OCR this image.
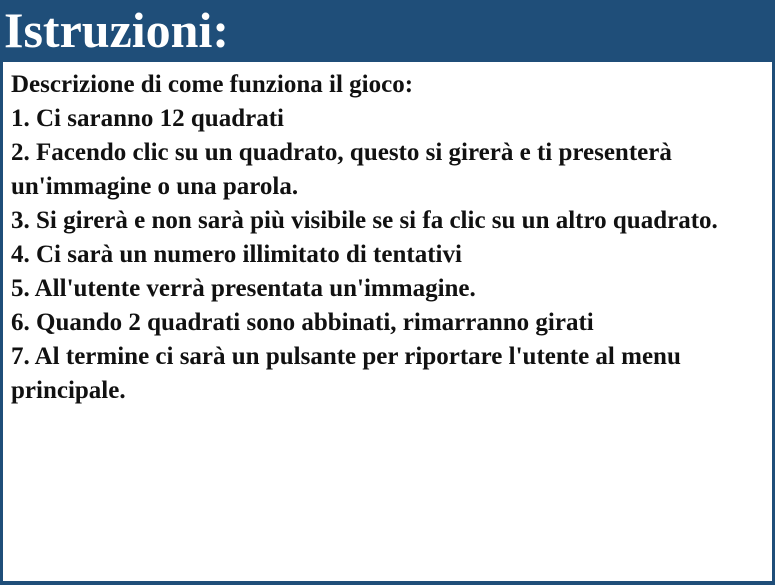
Istruzioni:

Descrizione di come funziona il gioco:

1. Ci saranno 12 quadrati

2. Facendo clic su un quadrato, questo si girerà e ti presenterà un'immagine o una parola.

3. Si girerà e non sarà più visibile se si fa clic su un altro quadrato.

4. Ci sarà un numero illimitato di tentativi

5. All'utente verrà presentata un'immagine.

6. Quando 2 quadrati sono abbinati, rimarranno girati

7. Al termine ci sarà un pulsante per riportare l'utente al menu principale.
